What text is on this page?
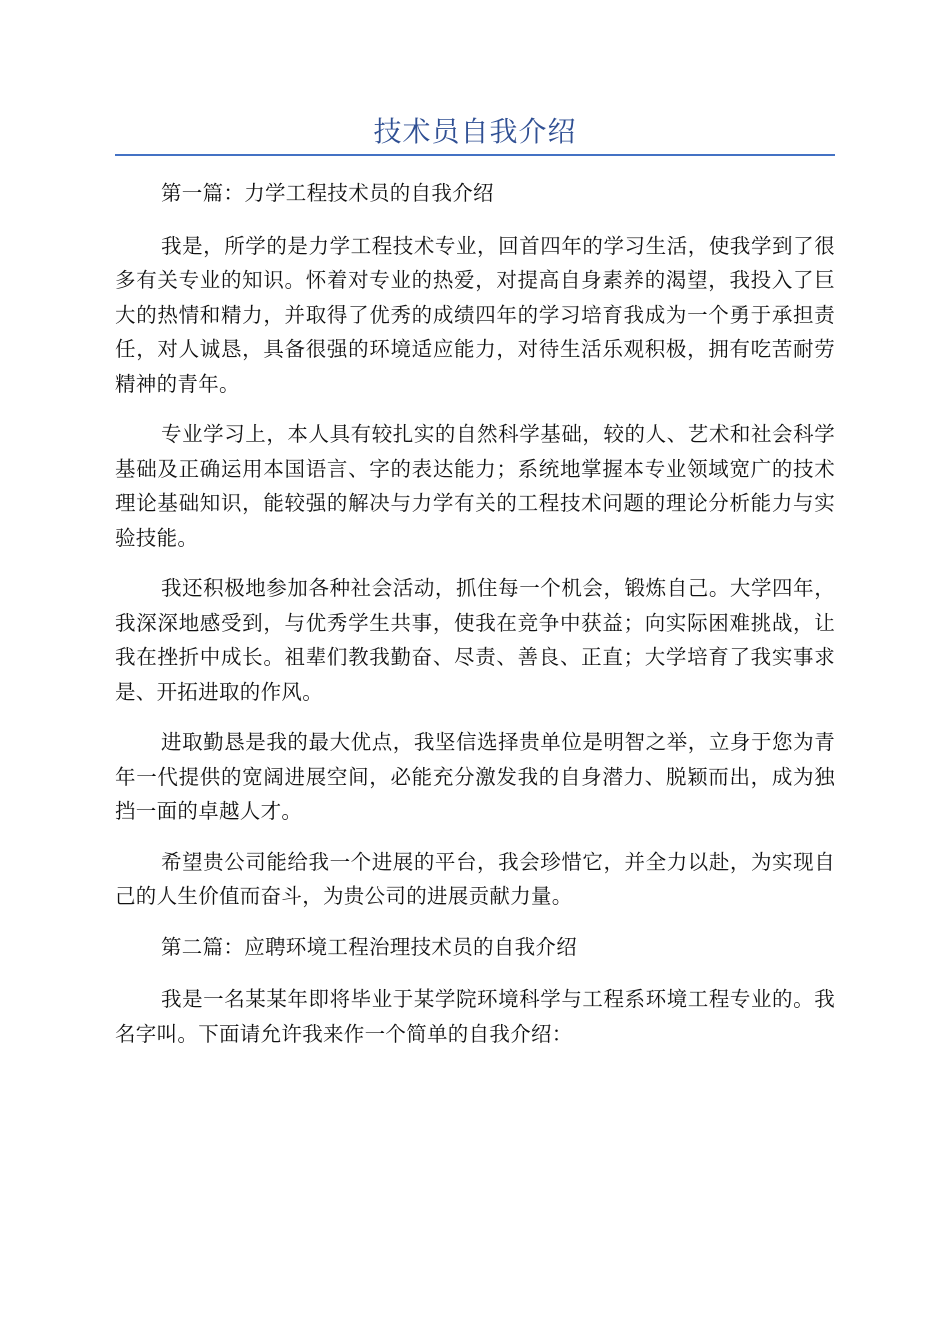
技术员自我介绍

第一篇：力学工程技术员的自我介绍

我是，所学的是力学工程技术专业，回首四年的学习生活，使我学到了很多有关专业的知识。怀着对专业的热爱，对提高自身素养的渴望，我投入了巨大的热情和精力，并取得了优秀的成绩四年的学习培育我成为一个勇于承担责任，对人诚恳，具备很强的环境适应能力，对待生活乐观积极，拥有吃苦耐劳精神的青年。

专业学习上，本人具有较扎实的自然科学基础，较的人、艺术和社会科学基础及正确运用本国语言、字的表达能力；系统地掌握本专业领域宽广的技术理论基础知识，能较强的解决与力学有关的工程技术问题的理论分析能力与实验技能。

我还积极地参加各种社会活动，抓住每一个机会，锻炼自己。大学四年，我深深地感受到，与优秀学生共事，使我在竞争中获益；向实际困难挑战，让我在挫折中成长。祖辈们教我勤奋、尽责、善良、正直；大学培育了我实事求是、开拓进取的作风。

进取勤恳是我的最大优点，我坚信选择贵单位是明智之举，立身于您为青年一代提供的宽阔进展空间，必能充分激发我的自身潜力、脱颖而出，成为独挡一面的卓越人才。

希望贵公司能给我一个进展的平台，我会珍惜它，并全力以赴，为实现自己的人生价值而奋斗，为贵公司的进展贡献力量。

第二篇：应聘环境工程治理技术员的自我介绍

我是一名某某年即将毕业于某学院环境科学与工程系环境工程专业的。我名字叫。下面请允许我来作一个简单的自我介绍：
